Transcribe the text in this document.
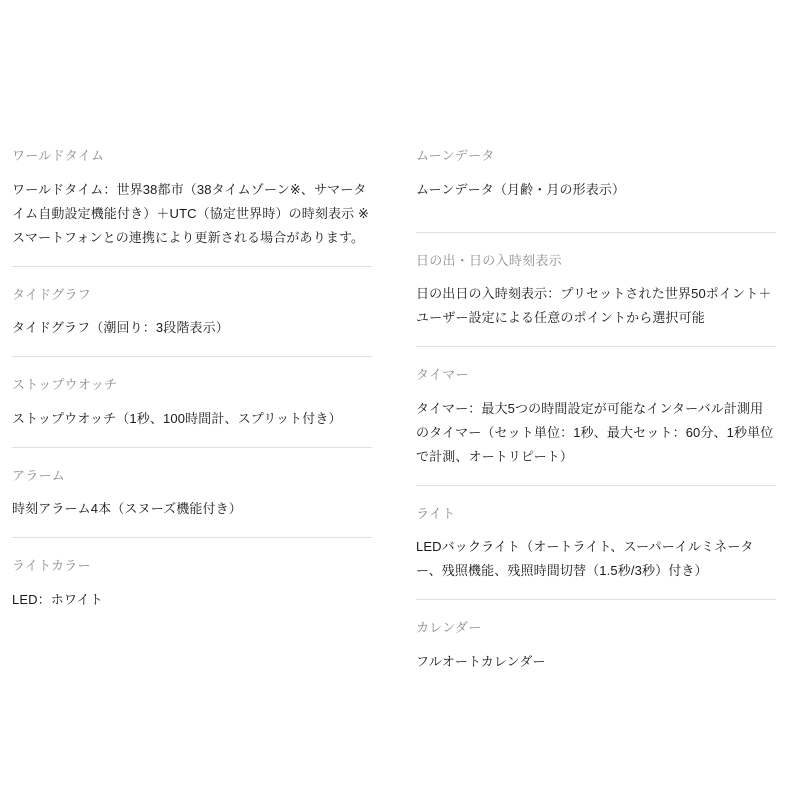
ワールドタイム
ワールドタイム：世界38都市（38タイムゾーン※、サマータイム自動設定機能付き）＋UTC（協定世界時）の時刻表示 ※ スマートフォンとの連携により更新される場合があります。
タイドグラフ
タイドグラフ（潮回り：3段階表示）
ストップウオッチ
ストップウオッチ（1秒、100時間計、スプリット付き）
アラーム
時刻アラーム4本（スヌーズ機能付き）
ライトカラー
LED：ホワイト
ムーンデータ
ムーンデータ（月齢・月の形表示）
日の出・日の入時刻表示
日の出日の入時刻表示：プリセットされた世界50ポイント＋ユーザー設定による任意のポイントから選択可能
タイマー
タイマー：最大5つの時間設定が可能なインターバル計測用のタイマー（セット単位：1秒、最大セット：60分、1秒単位で計測、オートリピート）
ライト
LEDバックライト（オートライト、スーパーイルミネーター、残照機能、残照時間切替（1.5秒/3秒）付き）
カレンダー
フルオートカレンダー
